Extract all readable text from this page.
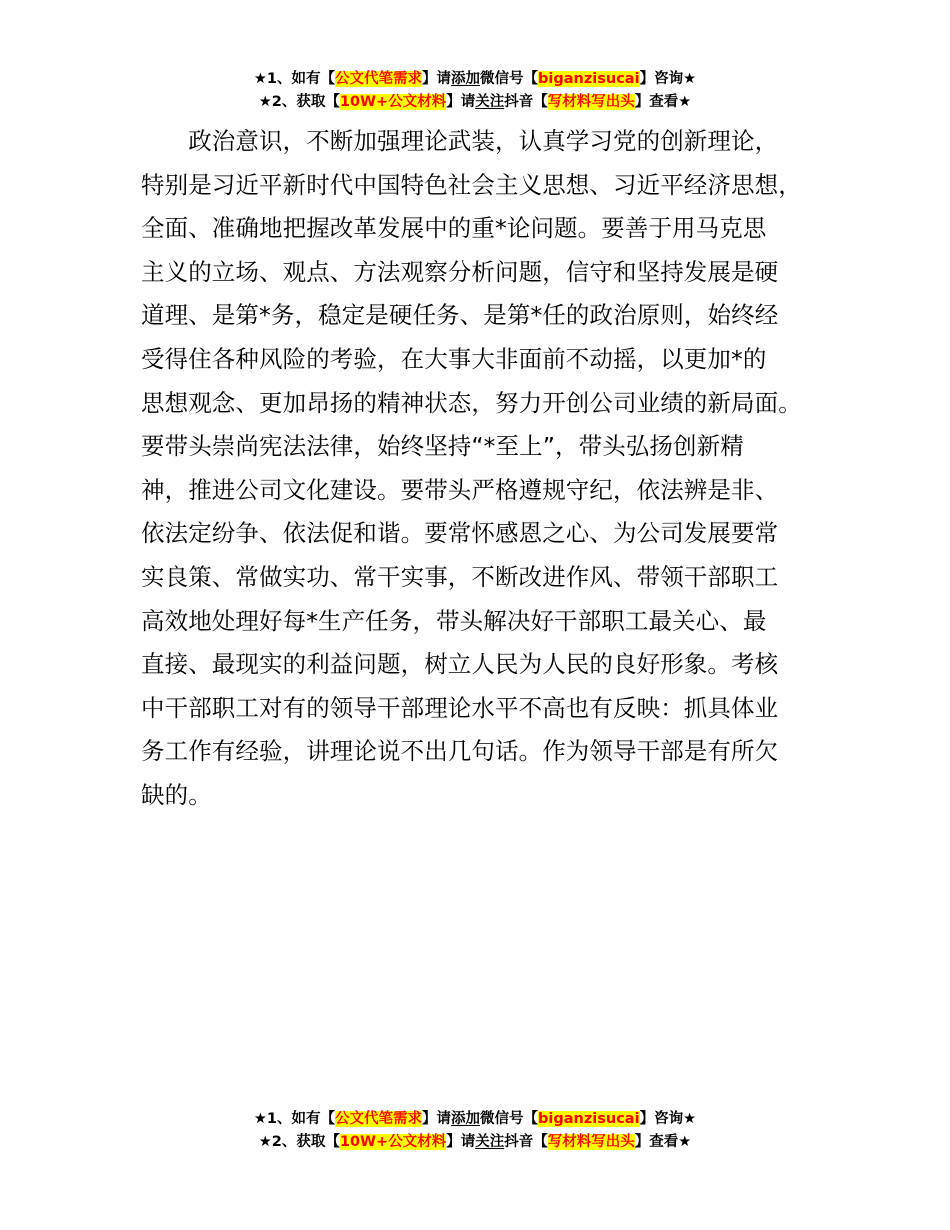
★1、如有【公文代笔需求】请添加微信号【biganzisucai】咨询★
★2、获取【10W+公文材料】请关注抖音【写材料写出头】查看★
　　政治意识，不断加强理论武装，认真学习党的创新理论，
特别是习近平新时代中国特色社会主义思想、习近平经济思想，
全面、准确地把握改革发展中的重*论问题。要善于用马克思
主义的立场、观点、方法观察分析问题，信守和坚持发展是硬
道理、是第*务，稳定是硬任务、是第*任的政治原则，始终经
受得住各种风险的考验，在大事大非面前不动摇，以更加*的
思想观念、更加昂扬的精神状态，努力开创公司业绩的新局面。
要带头崇尚宪法法律，始终坚持“*至上”，带头弘扬创新精
神，推进公司文化建设。要带头严格遵规守纪，依法辨是非、
依法定纷争、依法促和谐。要常怀感恩之心、为公司发展要常
实良策、常做实功、常干实事，不断改进作风、带领干部职工
高效地处理好每*生产任务，带头解决好干部职工最关心、最
直接、最现实的利益问题，树立人民为人民的良好形象。考核
中干部职工对有的领导干部理论水平不高也有反映：抓具体业
务工作有经验，讲理论说不出几句话。作为领导干部是有所欠
缺的。
★1、如有【公文代笔需求】请添加微信号【biganzisucai】咨询★
★2、获取【10W+公文材料】请关注抖音【写材料写出头】查看★
